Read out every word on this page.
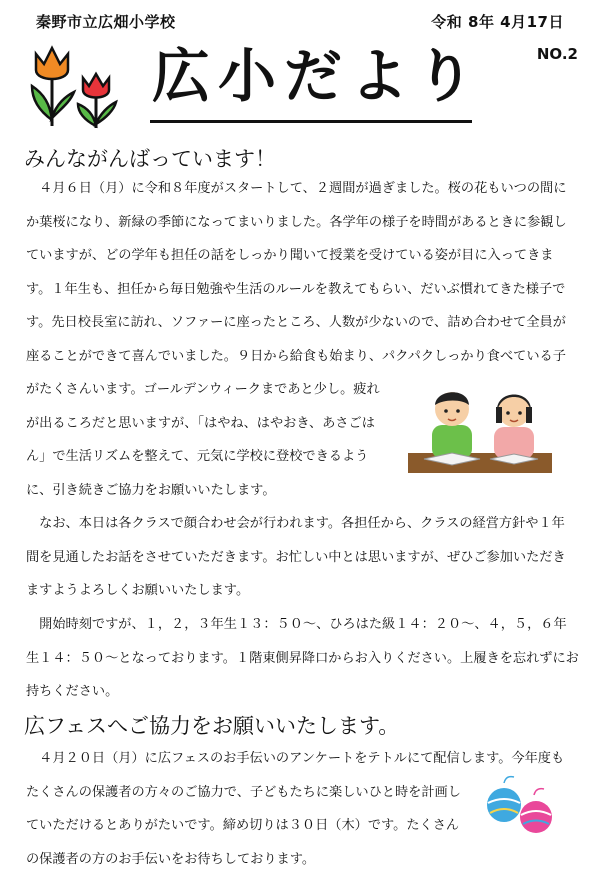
秦野市立広畑小学校	令和 8年 4月17日
NO.2
広小だより
みんながんばっています！
　４月６日（月）に令和８年度がスタートして、２週間が過ぎました。桜の花もいつの間に
か葉桜になり、新緑の季節になってまいりました。各学年の様子を時間があるときに参観し
ていますが、どの学年も担任の話をしっかり聞いて授業を受けている姿が目に入ってきま
す。１年生も、担任から毎日勉強や生活のルールを教えてもらい、だいぶ慣れてきた様子で
す。先日校長室に訪れ、ソファーに座ったところ、人数が少ないので、詰め合わせて全員が
座ることができて喜んでいました。９日から給食も始まり、パクパクしっかり食べている子
がたくさんいます。ゴールデンウィークまであと少し。疲れ
が出るころだと思いますが、「はやね、はやおき、あさごは
ん」で生活リズムを整えて、元気に学校に登校できるよう
に、引き続きご協力をお願いいたします。
　なお、本日は各クラスで顔合わせ会が行われます。各担任から、クラスの経営方針や１年
間を見通したお話をさせていただきます。お忙しい中とは思いますが、ぜひご参加いただき
ますようよろしくお願いいたします。
　開始時刻ですが、１，２，３年生１３：５０～、ひろはた級１４：２０～、４，５，６年
生１４：５０～となっております。１階東側昇降口からお入りください。上履きを忘れずにお
持ちください。
広フェスへご協力をお願いいたします。
　４月２０日（月）に広フェスのお手伝いのアンケートをテトルにて配信します。今年度も
たくさんの保護者の方々のご協力で、子どもたちに楽しいひと時を計画し
ていただけるとありがたいです。締め切りは３０日（木）です。たくさん
の保護者の方のお手伝いをお待ちしております。
